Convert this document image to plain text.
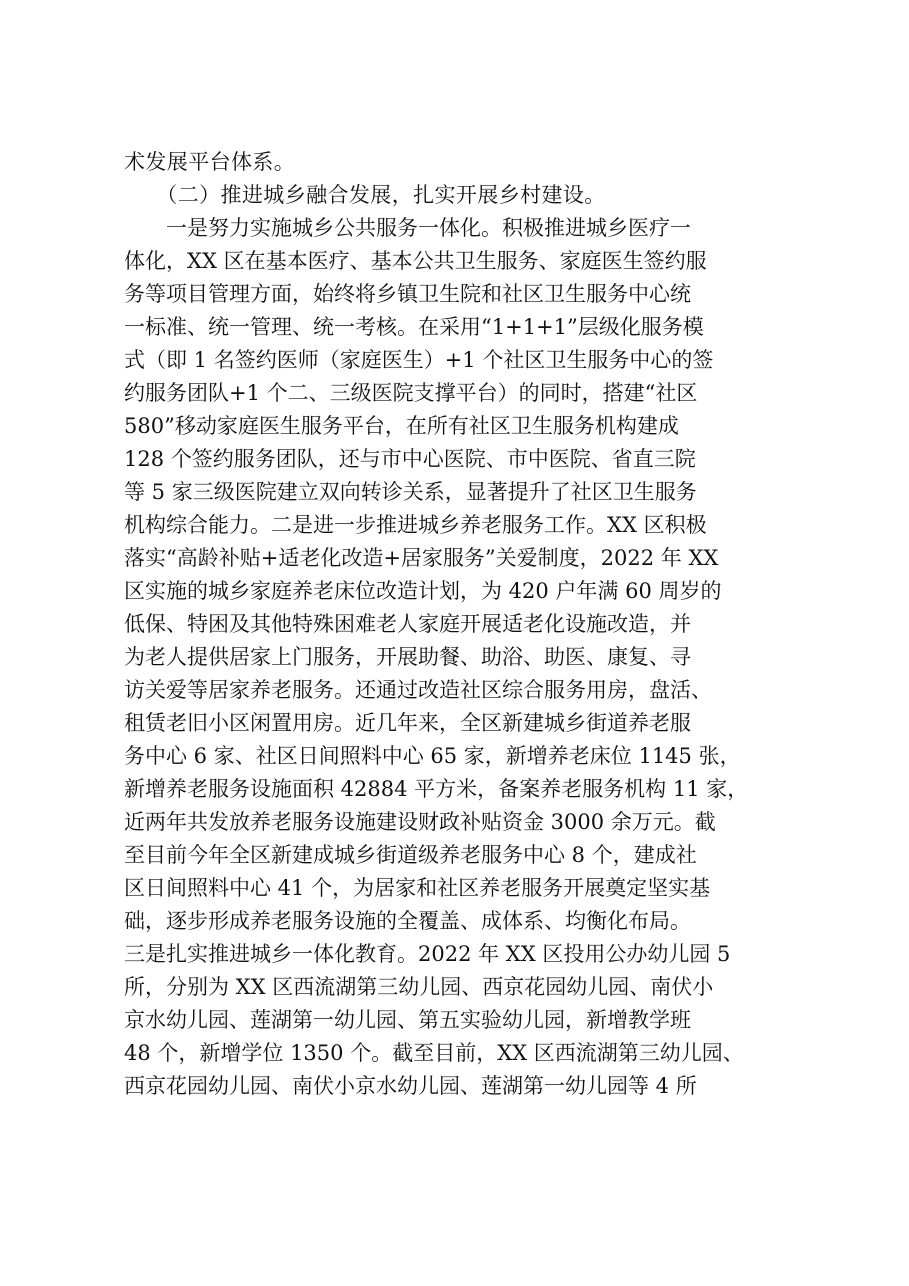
术发展平台体系。
　　（二）推进城乡融合发展，扎实开展乡村建设。
　　一是努力实施城乡公共服务一体化。积极推进城乡医疗一
体化，XX 区在基本医疗、基本公共卫生服务、家庭医生签约服
务等项目管理方面，始终将乡镇卫生院和社区卫生服务中心统
一标准、统一管理、统一考核。在采用“1+1+1”层级化服务模
式（即 1 名签约医师（家庭医生）+1 个社区卫生服务中心的签
约服务团队+1 个二、三级医院支撑平台）的同时，搭建“社区
580”移动家庭医生服务平台，在所有社区卫生服务机构建成
128 个签约服务团队，还与市中心医院、市中医院、省直三院
等 5 家三级医院建立双向转诊关系，显著提升了社区卫生服务
机构综合能力。二是进一步推进城乡养老服务工作。XX 区积极
落实“高龄补贴+适老化改造+居家服务”关爱制度，2022 年 XX
区实施的城乡家庭养老床位改造计划，为 420 户年满 60 周岁的
低保、特困及其他特殊困难老人家庭开展适老化设施改造，并
为老人提供居家上门服务，开展助餐、助浴、助医、康复、寻
访关爱等居家养老服务。还通过改造社区综合服务用房，盘活、
租赁老旧小区闲置用房。近几年来，全区新建城乡街道养老服
务中心 6 家、社区日间照料中心 65 家，新增养老床位 1145 张，
新增养老服务设施面积 42884 平方米，备案养老服务机构 11 家，
近两年共发放养老服务设施建设财政补贴资金 3000 余万元。截
至目前今年全区新建成城乡街道级养老服务中心 8 个，建成社
区日间照料中心 41 个，为居家和社区养老服务开展奠定坚实基
础，逐步形成养老服务设施的全覆盖、成体系、均衡化布局。
三是扎实推进城乡一体化教育。2022 年 XX 区投用公办幼儿园 5
所，分别为 XX 区西流湖第三幼儿园、西京花园幼儿园、南伏小
京水幼儿园、莲湖第一幼儿园、第五实验幼儿园，新增教学班
48 个，新增学位 1350 个。截至目前，XX 区西流湖第三幼儿园、
西京花园幼儿园、南伏小京水幼儿园、莲湖第一幼儿园等 4 所
